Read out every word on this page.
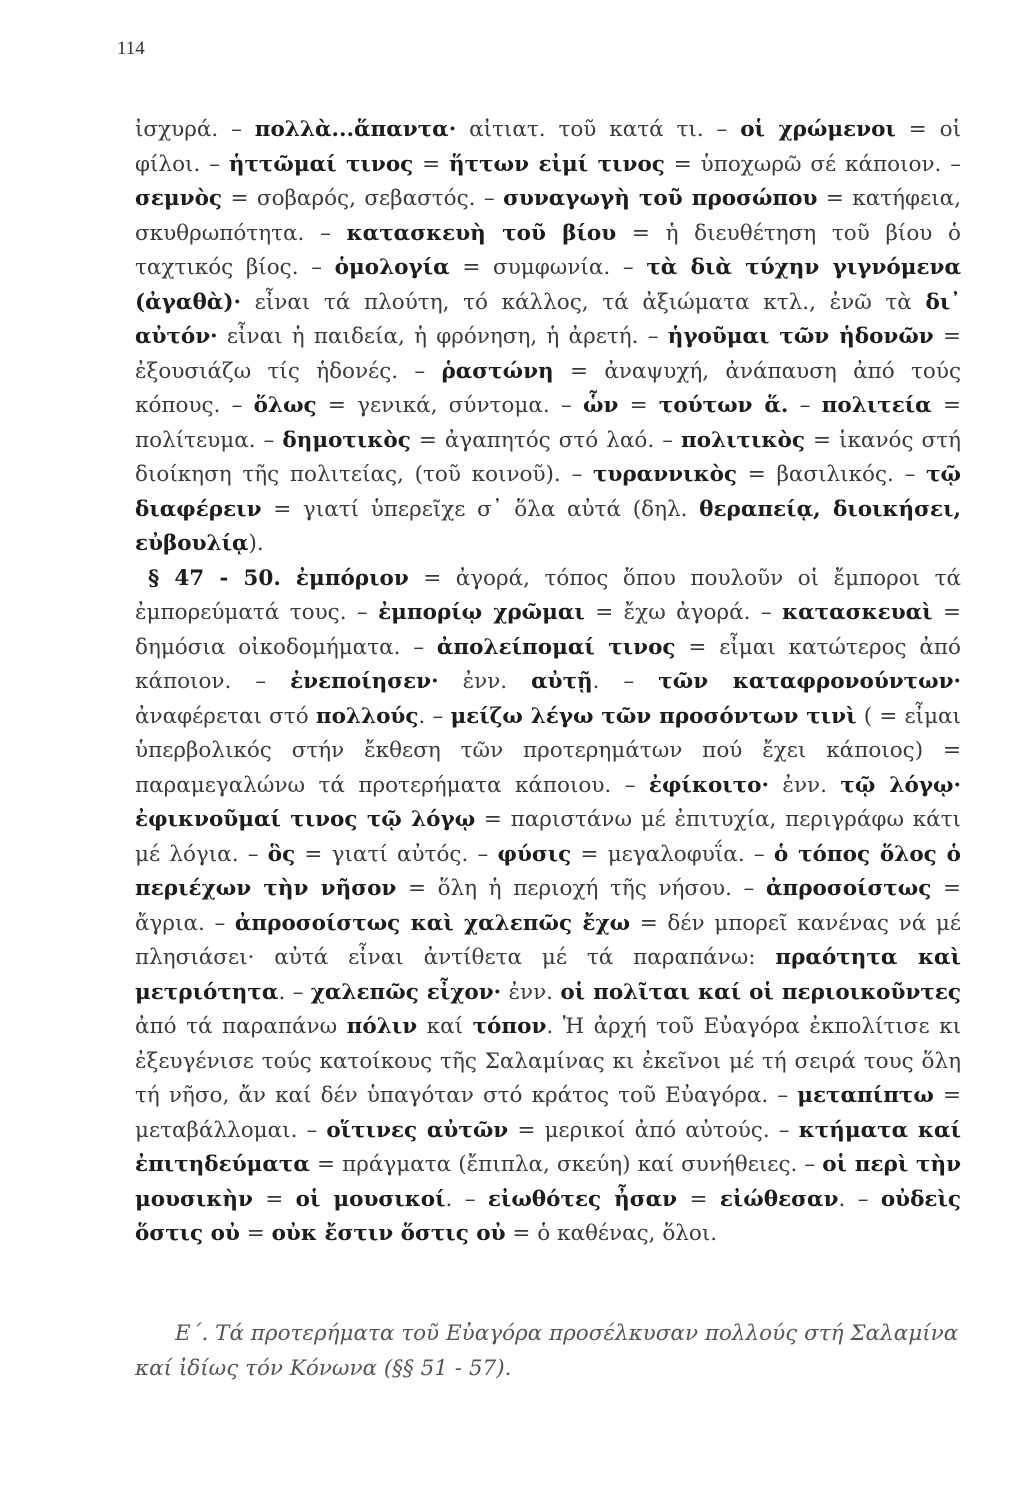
114

ἰσχυρά. – πολλὰ...ἅπαντα· αἰτιατ. τοῦ κατά τι. – οἱ χρώμενοι = οἱ φίλοι. – ἡττῶμαί τινος = ἥττων εἰμί τινος = ὑποχωρῶ σέ κάποιον. – σεμνὸς = σοβαρός, σεβαστός. – συναγωγὴ τοῦ προσώπου = κατήφεια, σκυθρωπότητα. – κατασκευὴ τοῦ βίου = ἡ διευθέτηση τοῦ βίου ὁ ταχτικός βίος. – ὁμολογία = συμφωνία. – τὰ διὰ τύχην γιγνόμενα (ἀγαθὰ)· εἶναι τά πλούτη, τό κάλλος, τά ἀξιώματα κτλ., ἐνῶ τὰ δι᾽ αὐτόν· εἶναι ἡ παιδεία, ἡ φρόνηση, ἡ ἀρετή. – ἡγοῦμαι τῶν ἡδονῶν = ἐξουσιάζω τίς ἡδονές. – ῥαστώνη = ἀναψυχή, ἀνάπαυση ἀπό τούς κόπους. – ὅλως = γενικά, σύντομα. – ὧν = τούτων ἅ. – πολιτεία = πολίτευμα. – δημοτικὸς = ἀγαπητός στό λαό. – πολιτικὸς = ἱκανός στή διοίκηση τῆς πολιτείας, (τοῦ κοινοῦ). – τυραννικὸς = βασιλικός. – τῷ διαφέρειν = γιατί ὑπερεῖχε σ᾽ ὅλα αὐτά (δηλ. θεραπείᾳ, διοικήσει, εὐβουλίᾳ).

§ 47 - 50. ἐμπόριον = ἀγορά, τόπος ὅπου πουλοῦν οἱ ἔμποροι τά ἐμπορεύματά τους. – ἐμπορίῳ χρῶμαι = ἔχω ἀγορά. – κατασκευαὶ = δημόσια οἰκοδομήματα. – ἀπολείπομαί τινος = εἶμαι κατώτερος ἀπό κάποιον. – ἐνεποίησεν· ἐνν. αὐτῇ. – τῶν καταφρονούντων· ἀναφέρεται στό πολλούς. – μείζω λέγω τῶν προσόντων τινὶ ( = εἶμαι ὑπερβολικός στήν ἔκθεση τῶν προτερημάτων πού ἔχει κάποιος) = παραμεγαλώνω τά προτερήματα κάποιου. – ἐφίκοιτο· ἐνν. τῷ λόγῳ· ἐφικνοῦμαί τινος τῷ λόγῳ = παριστάνω μέ ἐπιτυχία, περιγράφω κάτι μέ λόγια. – ὃς = γιατί αὐτός. – φύσις = μεγαλοφυΐα. – ὁ τόπος ὅλος ὁ περιέχων τὴν νῆσον = ὅλη ἡ περιοχή τῆς νήσου. – ἀπροσοίστως = ἄγρια. – ἀπροσοίστως καὶ χαλεπῶς ἔχω = δέν μπορεῖ κανένας νά μέ πλησιάσει· αὐτά εἶναι ἀντίθετα μέ τά παραπάνω: πραότητα καὶ μετριότητα. – χαλεπῶς εἶχον· ἐνν. οἱ πολῖται καί οἱ περιοικοῦντες ἀπό τά παραπάνω πόλιν καί τόπον. Ἡ ἀρχή τοῦ Εὐαγόρα ἐκπολίτισε κι ἐξευγένισε τούς κατοίκους τῆς Σαλαμίνας κι ἐκεῖνοι μέ τή σειρά τους ὅλη τή νῆσο, ἄν καί δέν ὑπαγόταν στό κράτος τοῦ Εὐαγόρα. – μεταπίπτω = μεταβάλλομαι. – οἵτινες αὐτῶν = μερικοί ἀπό αὐτούς. – κτήματα καί ἐπιτηδεύματα = πράγματα (ἔπιπλα, σκεύη) καί συνήθειες. – οἱ περὶ τὴν μουσικὴν = οἱ μουσικοί. – εἰωθότες ἦσαν = εἰώθεσαν. – οὐδεὶς ὅστις οὐ = οὐκ ἔστιν ὅστις οὐ = ὁ καθένας, ὅλοι.

Ε´. Τά προτερήματα τοῦ Εὐαγόρα προσέλκυσαν πολλούς στή Σαλαμίνα καί ἰδίως τόν Κόνωνα (§§ 51 - 57).
